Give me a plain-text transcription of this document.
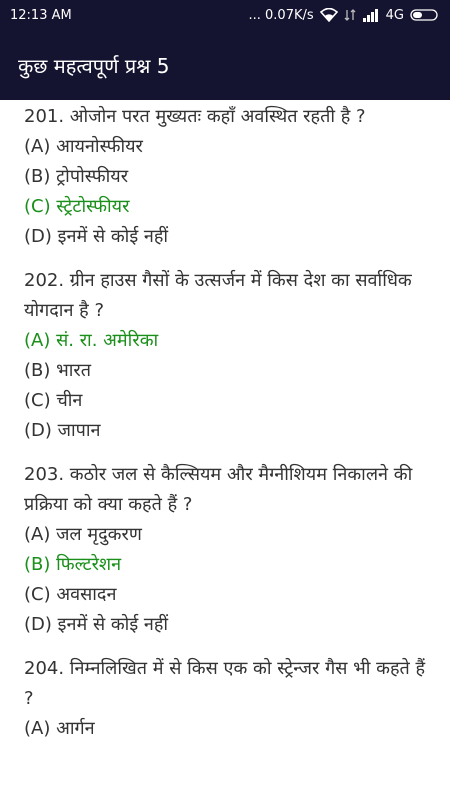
12:13 AM	... 0.07K/s	4G
कुछ महत्वपूर्ण प्रश्न 5
201. ओजोन परत मुख्यतः कहाँ अवस्थित रहती है ?
(A) आयनोस्फीयर
(B) ट्रोपोस्फीयर
(C) स्ट्रेटोस्फीयर
(D) इनमें से कोई नहीं
202. ग्रीन हाउस गैसों के उत्सर्जन में किस देश का सर्वाधिक योगदान है ?
(A) सं. रा. अमेरिका
(B) भारत
(C) चीन
(D) जापान
203. कठोर जल से कैल्सियम और मैग्नीशियम निकालने की प्रक्रिया को क्या कहते हैं ?
(A) जल मृदुकरण
(B) फिल्टरेशन
(C) अवसादन
(D) इनमें से कोई नहीं
204. निम्नलिखित में से किस एक को स्ट्रेन्जर गैस भी कहते हैं ?
(A) आर्गन
